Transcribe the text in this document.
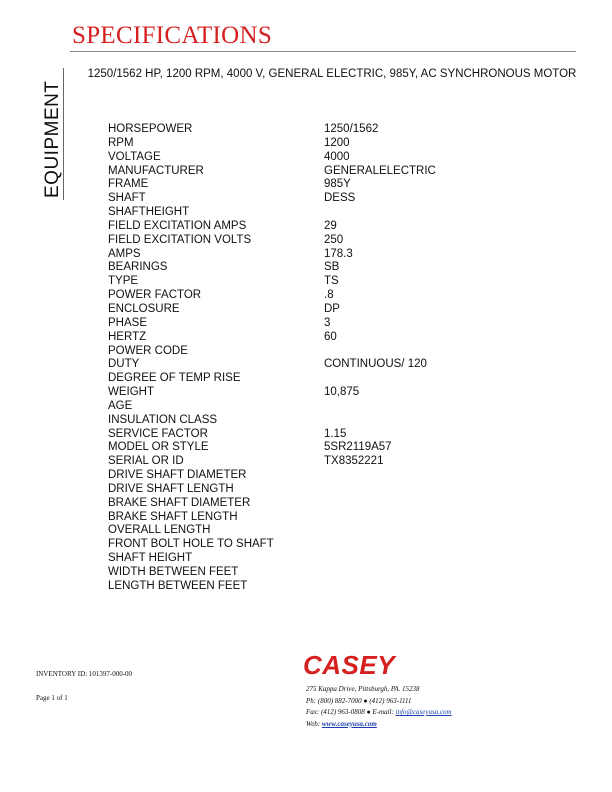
SPECIFICATIONS
EQUIPMENT
1250/1562 HP, 1200 RPM, 4000 V, GENERAL ELECTRIC, 985Y, AC SYNCHRONOUS MOTOR
HORSEPOWER	1250/1562
RPM	1200
VOLTAGE	4000
MANUFACTURER	GENERALELECTRIC
FRAME	985Y
SHAFT	DESS
SHAFTHEIGHT
FIELD EXCITATION AMPS	29
FIELD EXCITATION VOLTS	250
AMPS	178.3
BEARINGS	SB
TYPE	TS
POWER FACTOR	.8
ENCLOSURE	DP
PHASE	3
HERTZ	60
POWER CODE
DUTY	CONTINUOUS/ 120
DEGREE OF TEMP RISE
WEIGHT	10,875
AGE
INSULATION CLASS
SERVICE FACTOR	1.15
MODEL OR STYLE	5SR2119A57
SERIAL OR ID	TX8352221
DRIVE SHAFT DIAMETER
DRIVE SHAFT LENGTH
BRAKE SHAFT DIAMETER
BRAKE SHAFT LENGTH
OVERALL LENGTH
FRONT BOLT HOLE TO SHAFT
SHAFT HEIGHT
WIDTH BETWEEN FEET
LENGTH BETWEEN FEET
INVENTORY ID: 101397-000-00
Page 1 of 1
CASEY
275 Kappa Drive, Pittsburgh, PA. 15238
Ph: (800) 882-7000 ● (412) 963-1111
Fax: (412) 963-0808 ● E-mail: info@caseyusa.com
Web: www.caseyusa.com
